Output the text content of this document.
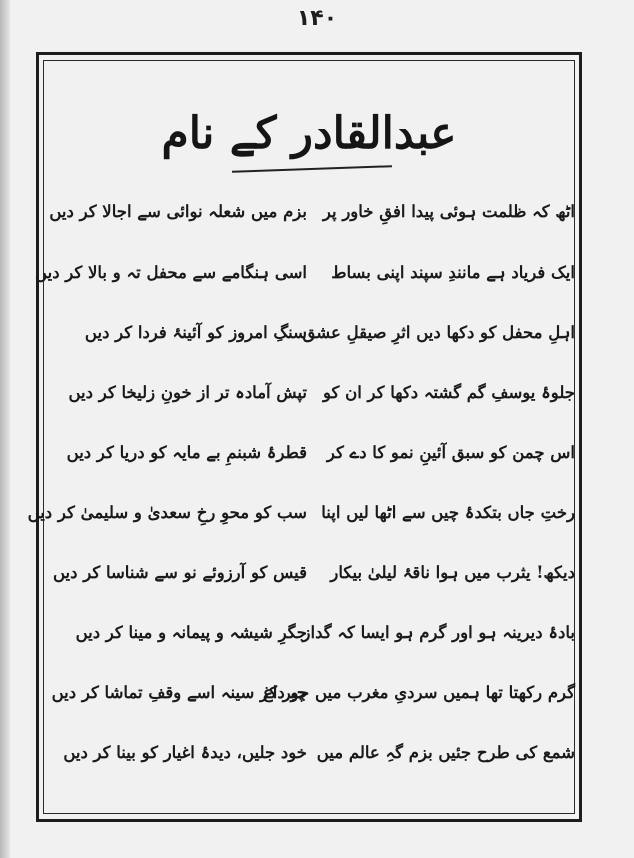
۱۴۰
عبدالقادر کے نام
اٹھ کہ ظلمت ہوئی پیدا افقِ خاور پر
بزم میں شعلہ نوائی سے اجالا کر دیں
ایک فریاد ہے مانندِ سپند اپنی بساط
اسی ہنگامے سے محفل تہ و بالا کر دیں
اہلِ محفل کو دکھا دیں اثرِ صیقلِ عشق
سنگِ امروز کو آئینۂ فردا کر دیں
جلوۂ یوسفِ گم گشتہ دکھا کر ان کو
تپش آمادہ تر از خونِ زلیخا کر دیں
اس چمن کو سبق آئینِ نمو کا دے کر
قطرۂ شبنمِ بے مایہ کو دریا کر دیں
رختِ جاں بتکدۂ چیں سے اٹھا لیں اپنا
سب کو محوِ رخِ سعدیٰ و سلیمیٰ کر دیں
دیکھ! یثرب میں ہوا ناقۂ لیلیٰ بیکار
قیس کو آرزوئے نو سے شناسا کر دیں
بادۂ دیرینہ ہو اور گرم ہو ایسا کہ گداز
جگرِ شیشہ و پیمانہ و مینا کر دیں
گرم رکھتا تھا ہمیں سردیِ مغرب میں جو داغ
چیر کر سینہ اسے وقفِ تماشا کر دیں
شمع کی طرح جئیں بزم گہِ عالم میں
خود جلیں، دیدۂ اغیار کو بینا کر دیں
